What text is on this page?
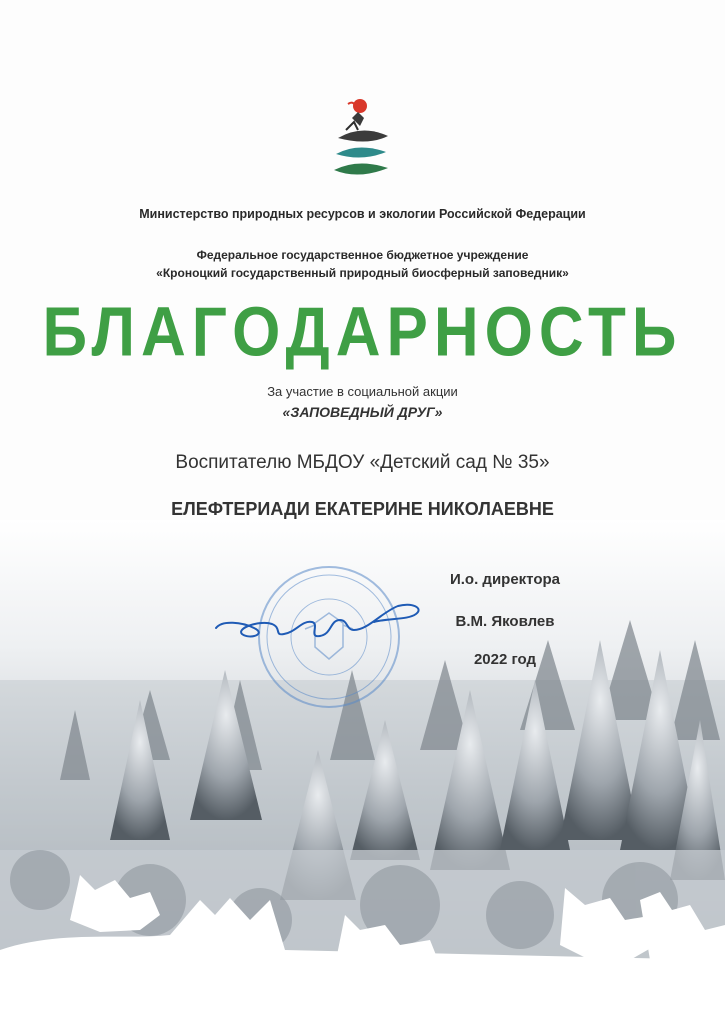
Министерство природных ресурсов и экологии Российской Федерации
Федеральное государственное бюджетное учреждение
«Кроноцкий государственный природный биосферный заповедник»
БЛАГОДАРНОСТЬ
За участие в социальной акции
«ЗАПОВЕДНЫЙ ДРУГ»
Воспитателю МБДОУ «Детский сад № 35»
ЕЛЕФТЕРИАДИ ЕКАТЕРИНЕ НИКОЛАЕВНЕ
И.о. директора
В.М. Яковлев
2022 год
